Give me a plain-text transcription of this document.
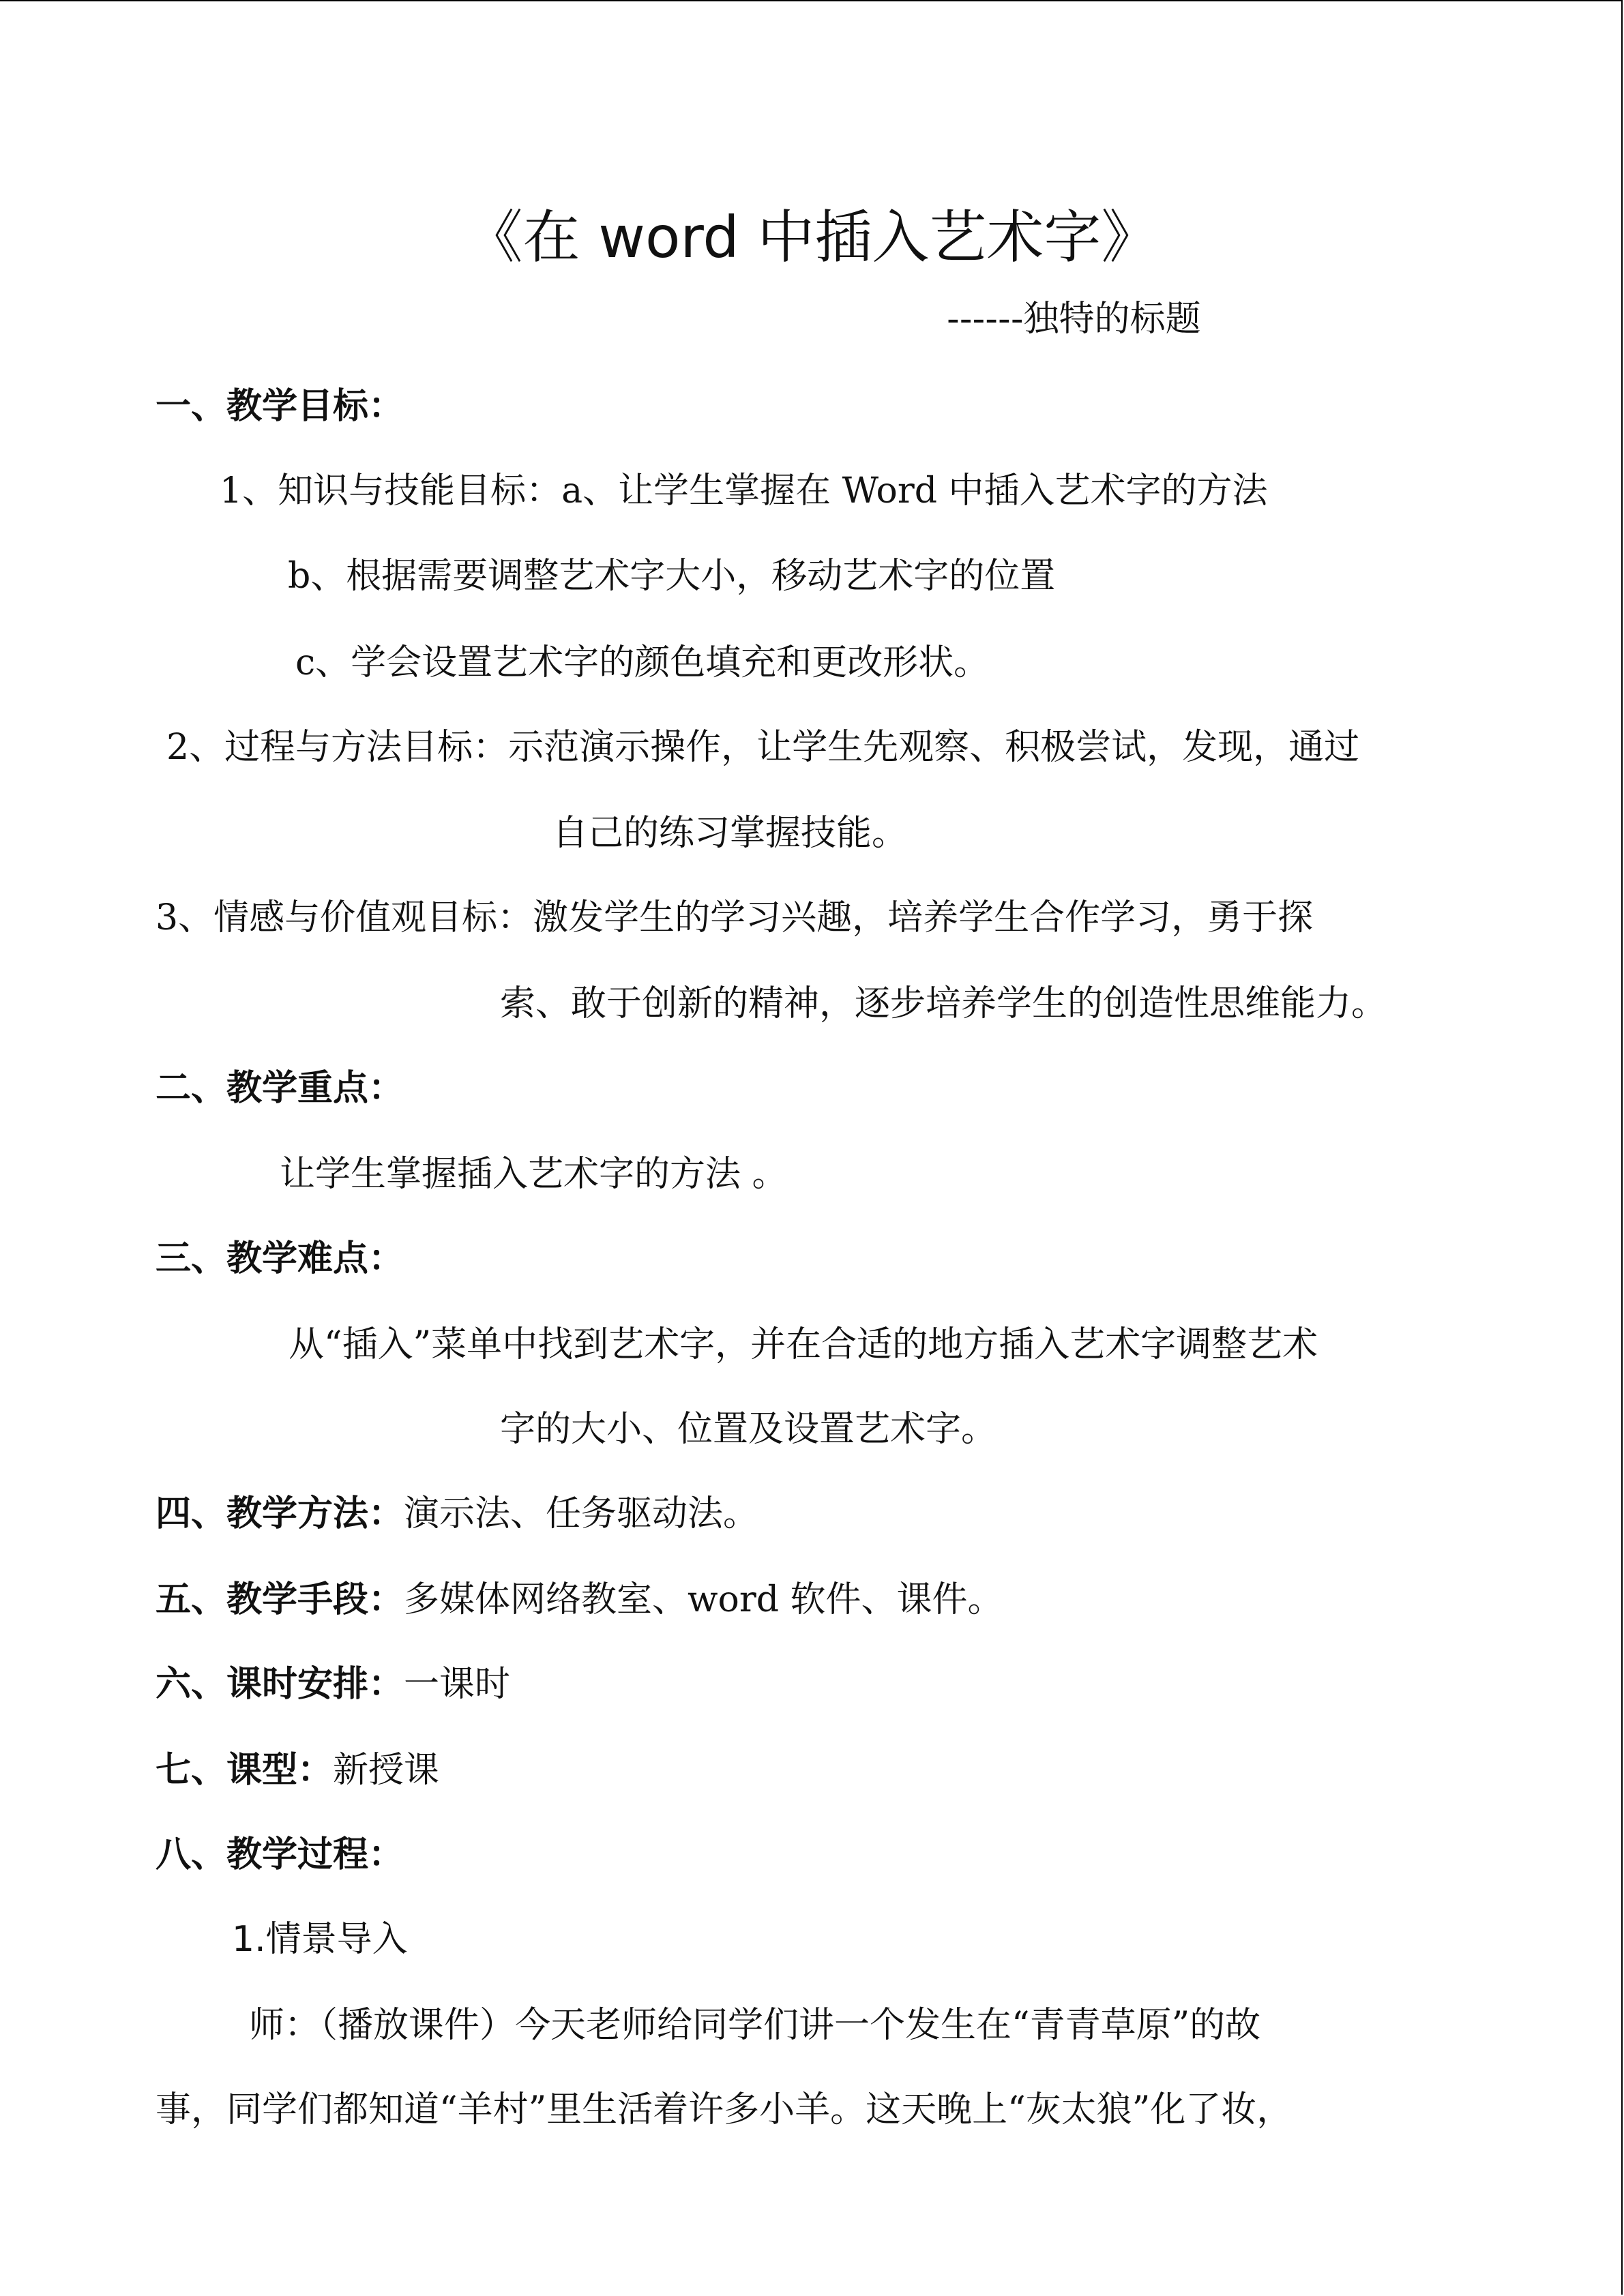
《在 word 中插入艺术字》
------独特的标题
一、教学目标：
1、知识与技能目标：a、让学生掌握在 Word 中插入艺术字的方法
b、根据需要调整艺术字大小，移动艺术字的位置
c、学会设置艺术字的颜色填充和更改形状。
2、过程与方法目标：示范演示操作，让学生先观察、积极尝试，发现，通过
自己的练习掌握技能。
3、情感与价值观目标：激发学生的学习兴趣，培养学生合作学习，勇于探
索、敢于创新的精神，逐步培养学生的创造性思维能力。
二、教学重点：
让学生掌握插入艺术字的方法 。
三、教学难点：
从“插入”菜单中找到艺术字，并在合适的地方插入艺术字调整艺术
字的大小、位置及设置艺术字。
四、教学方法：演示法、任务驱动法。
五、教学手段：多媒体网络教室、word 软件、课件。
六、课时安排：一课时
七、课型：新授课
八、教学过程：
1.情景导入
师：（播放课件）今天老师给同学们讲一个发生在“青青草原”的故
事，同学们都知道“羊村”里生活着许多小羊。这天晚上“灰太狼”化了妆，
